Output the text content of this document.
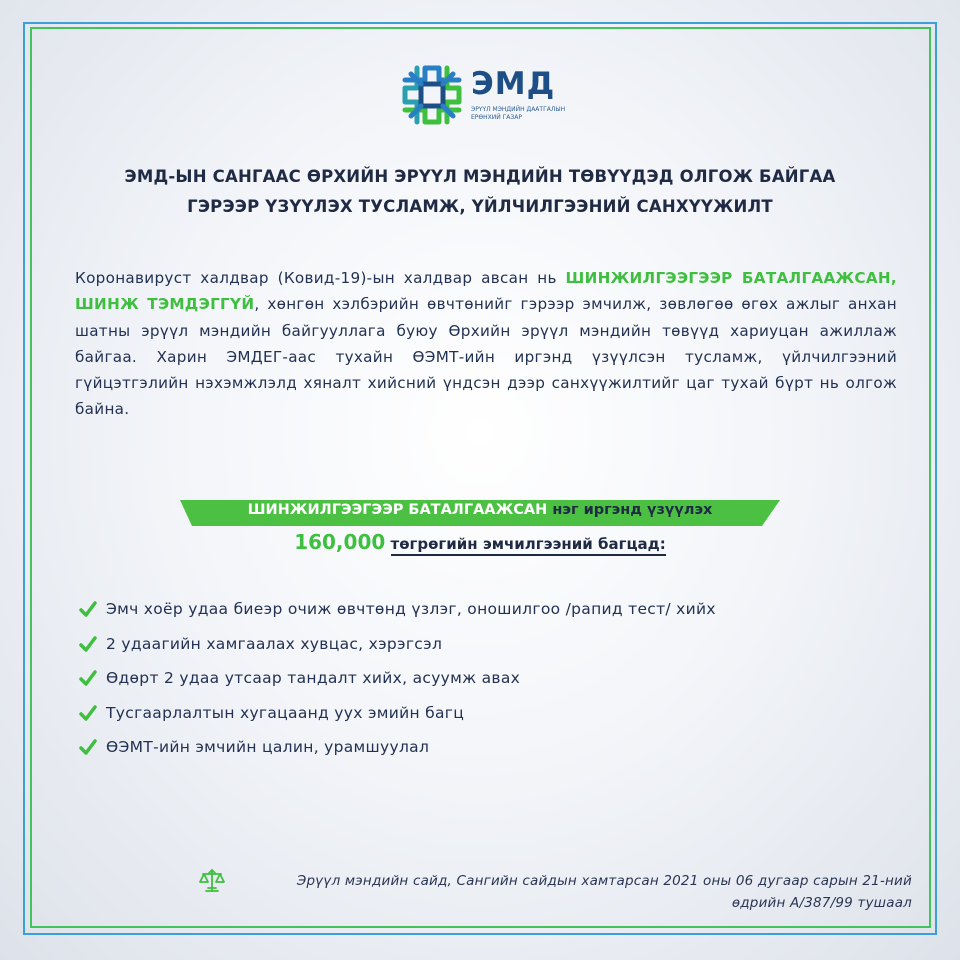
ЭМД
ЭРҮҮЛ МЭНДИЙН ДААТГАЛЫН ЕРӨНХИЙ ГАЗАР
ЭМД-ЫН САНГААС ӨРХИЙН ЭРҮҮЛ МЭНДИЙН ТӨВҮҮДЭД ОЛГОЖ БАЙГАА
ГЭРЭЭР ҮЗҮҮЛЭХ ТУСЛАМЖ, ҮЙЛЧИЛГЭЭНИЙ САНХҮҮЖИЛТ
Коронавируст халдвар (Ковид-19)-ын халдвар авсан нь ШИНЖИЛГЭЭГЭЭР БАТАЛГААЖСАН, ШИНЖ ТЭМДЭГГҮЙ, хөнгөн хэлбэрийн өвчтөнийг гэрээр эмчилж, зөвлөгөө өгөх ажлыг анхан шатны эрүүл мэндийн байгууллага буюу Өрхийн эрүүл мэндийн төвүүд хариуцан ажиллаж байгаа. Харин ЭМДЕГ-аас тухайн ӨЭМТ-ийн иргэнд үзүүлсэн тусламж, үйлчилгээний гүйцэтгэлийн нэхэмжлэлд хяналт хийсний үндсэн дээр санхүүжилтийг цаг тухай бүрт нь олгож байна.
ШИНЖИЛГЭЭГЭЭР БАТАЛГААЖСАН нэг иргэнд үзүүлэх
160,000 төгрөгийн эмчилгээний багцад:
Эмч хоёр удаа биеэр очиж өвчтөнд үзлэг, оношилгоо /рапид тест/ хийх
2 удаагийн хамгаалах хувцас, хэрэгсэл
Өдөрт 2 удаа утсаар тандалт хийх, асуумж авах
Тусгаарлалтын хугацаанд уух эмийн багц
ӨЭМТ-ийн эмчийн цалин, урамшуулал
Эрүүл мэндийн сайд, Сангийн сайдын хамтарсан 2021 оны 06 дугаар сарын 21-ний
өдрийн А/387/99 тушаал
